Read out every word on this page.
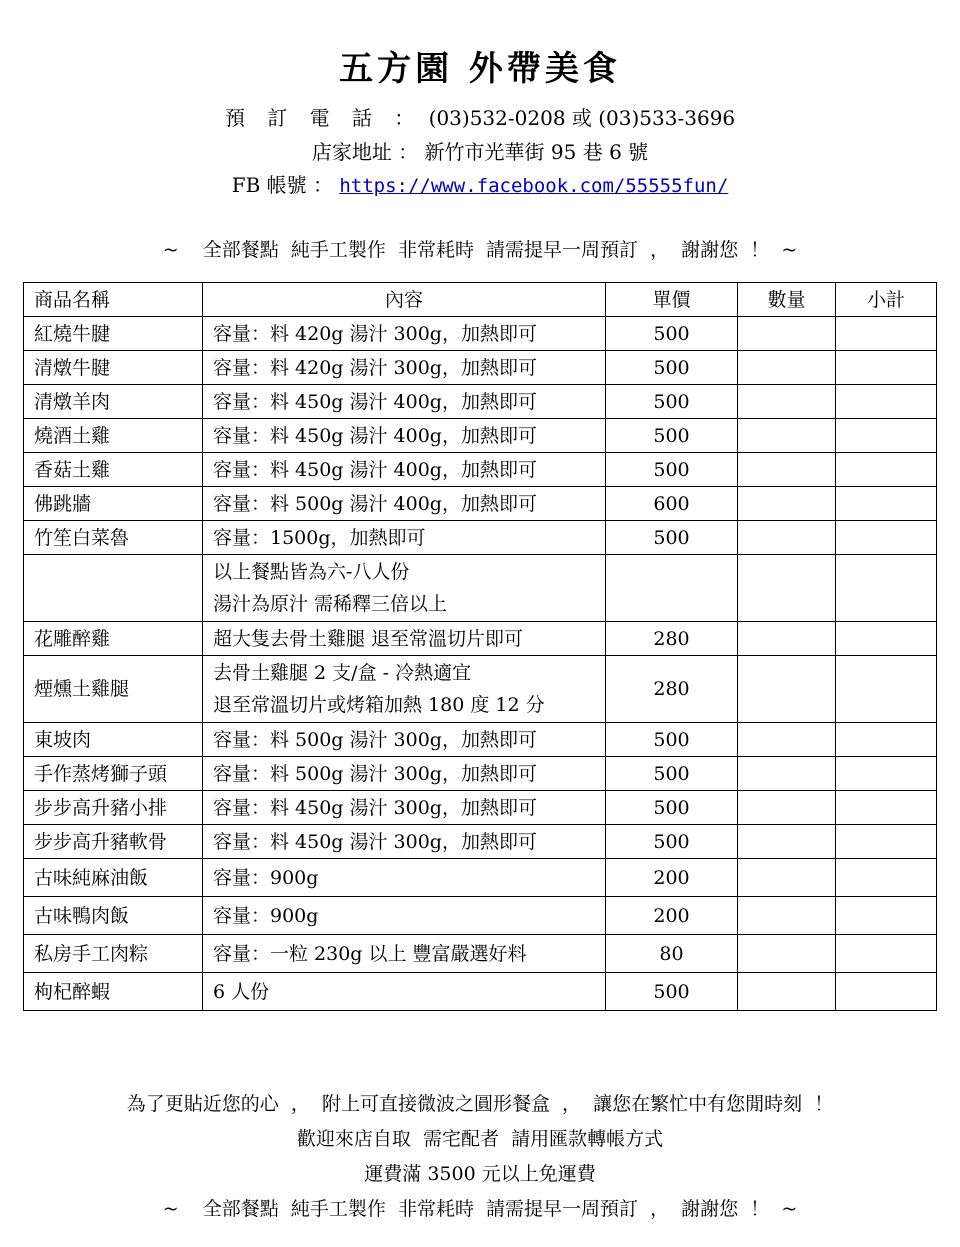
五方園 外帶美食
預 訂 電 話 ： (03)532-0208 或 (03)533-3696
店家地址 ： 新竹市光華街 95 巷 6 號
FB 帳號 ： https://www.facebook.com/55555fun/
~    全部餐點  純手工製作  非常耗時  請需提早一周預訂  ，  謝謝您  ！  ~
商品名稱	內容	單價	數量	小計
紅燒牛腱	容量：料 420g 湯汁 300g，加熱即可	500		
清燉牛腱	容量：料 420g 湯汁 300g，加熱即可	500		
清燉羊肉	容量：料 450g 湯汁 400g，加熱即可	500		
燒酒土雞	容量：料 450g 湯汁 400g，加熱即可	500		
香菇土雞	容量：料 450g 湯汁 400g，加熱即可	500		
佛跳牆	容量：料 500g 湯汁 400g，加熱即可	600		
竹笙白菜魯	容量：1500g，加熱即可	500		

	以上餐點皆為六-八人份
湯汁為原汁 需稀釋三倍以上			

花雕醉雞	超大隻去骨土雞腿 退至常溫切片即可	280		
煙燻土雞腿	去骨土雞腿 2 支/盒 - 冷熱適宜
退至常溫切片或烤箱加熱 180 度 12 分	280		
東坡肉	容量：料 500g 湯汁 300g，加熱即可	500		
手作蒸烤獅子頭	容量：料 500g 湯汁 300g，加熱即可	500		
步步高升豬小排	容量：料 450g 湯汁 300g，加熱即可	500		
步步高升豬軟骨	容量：料 450g 湯汁 300g，加熱即可	500		
古味純麻油飯	容量：900g	200		
古味鴨肉飯	容量：900g	200		
私房手工肉粽	容量：一粒 230g 以上 豐富嚴選好料	80		
枸杞醉蝦	6 人份	500		
為了更貼近您的心  ，  附上可直接微波之圓形餐盒  ，  讓您在繁忙中有您閒時刻  ！
歡迎來店自取  需宅配者  請用匯款轉帳方式
運費滿 3500 元以上免運費
~    全部餐點  純手工製作  非常耗時  請需提早一周預訂  ，  謝謝您  ！  ~
